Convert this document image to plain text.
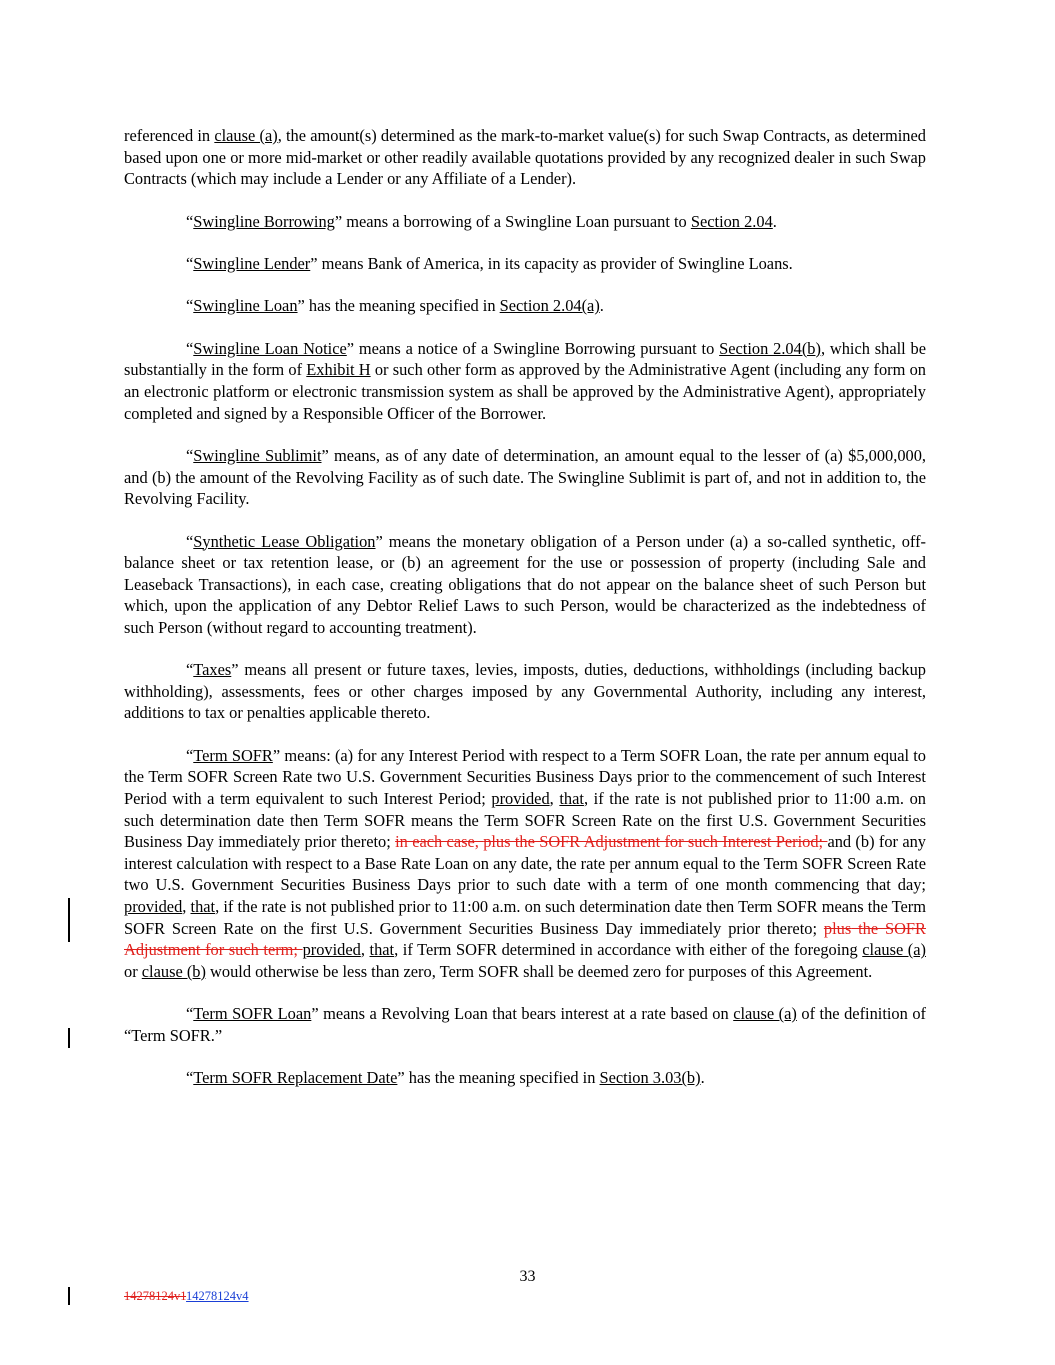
referenced in clause (a), the amount(s) determined as the mark-to-market value(s) for such Swap Contracts, as determined based upon one or more mid-market or other readily available quotations provided by any recognized dealer in such Swap Contracts (which may include a Lender or any Affiliate of a Lender).

“Swingline Borrowing” means a borrowing of a Swingline Loan pursuant to Section 2.04.

“Swingline Lender” means Bank of America, in its capacity as provider of Swingline Loans.

“Swingline Loan” has the meaning specified in Section 2.04(a).

“Swingline Loan Notice” means a notice of a Swingline Borrowing pursuant to Section 2.04(b), which shall be substantially in the form of Exhibit H or such other form as approved by the Administrative Agent (including any form on an electronic platform or electronic transmission system as shall be approved by the Administrative Agent), appropriately completed and signed by a Responsible Officer of the Borrower.

“Swingline Sublimit” means, as of any date of determination, an amount equal to the lesser of (a) $5,000,000, and (b) the amount of the Revolving Facility as of such date. The Swingline Sublimit is part of, and not in addition to, the Revolving Facility.

“Synthetic Lease Obligation” means the monetary obligation of a Person under (a) a so-called synthetic, off-balance sheet or tax retention lease, or (b) an agreement for the use or possession of property (including Sale and Leaseback Transactions), in each case, creating obligations that do not appear on the balance sheet of such Person but which, upon the application of any Debtor Relief Laws to such Person, would be characterized as the indebtedness of such Person (without regard to accounting treatment).

“Taxes” means all present or future taxes, levies, imposts, duties, deductions, withholdings (including backup withholding), assessments, fees or other charges imposed by any Governmental Authority, including any interest, additions to tax or penalties applicable thereto.

“Term SOFR” means: (a) for any Interest Period with respect to a Term SOFR Loan, the rate per annum equal to the Term SOFR Screen Rate two U.S. Government Securities Business Days prior to the commencement of such Interest Period with a term equivalent to such Interest Period; provided, that, if the rate is not published prior to 11:00 a.m. on such determination date then Term SOFR means the Term SOFR Screen Rate on the first U.S. Government Securities Business Day immediately prior thereto; in each case, plus the SOFR Adjustment for such Interest Period; and (b) for any interest calculation with respect to a Base Rate Loan on any date, the rate per annum equal to the Term SOFR Screen Rate two U.S. Government Securities Business Days prior to such date with a term of one month commencing that day; provided, that, if the rate is not published prior to 11:00 a.m. on such determination date then Term SOFR means the Term SOFR Screen Rate on the first U.S. Government Securities Business Day immediately prior thereto; plus the SOFR Adjustment for such term; provided, that, if Term SOFR determined in accordance with either of the foregoing clause (a) or clause (b) would otherwise be less than zero, Term SOFR shall be deemed zero for purposes of this Agreement.

“Term SOFR Loan” means a Revolving Loan that bears interest at a rate based on clause (a) of the definition of “Term SOFR.”

“Term SOFR Replacement Date” has the meaning specified in Section 3.03(b).

33
14278124v114278124v4
